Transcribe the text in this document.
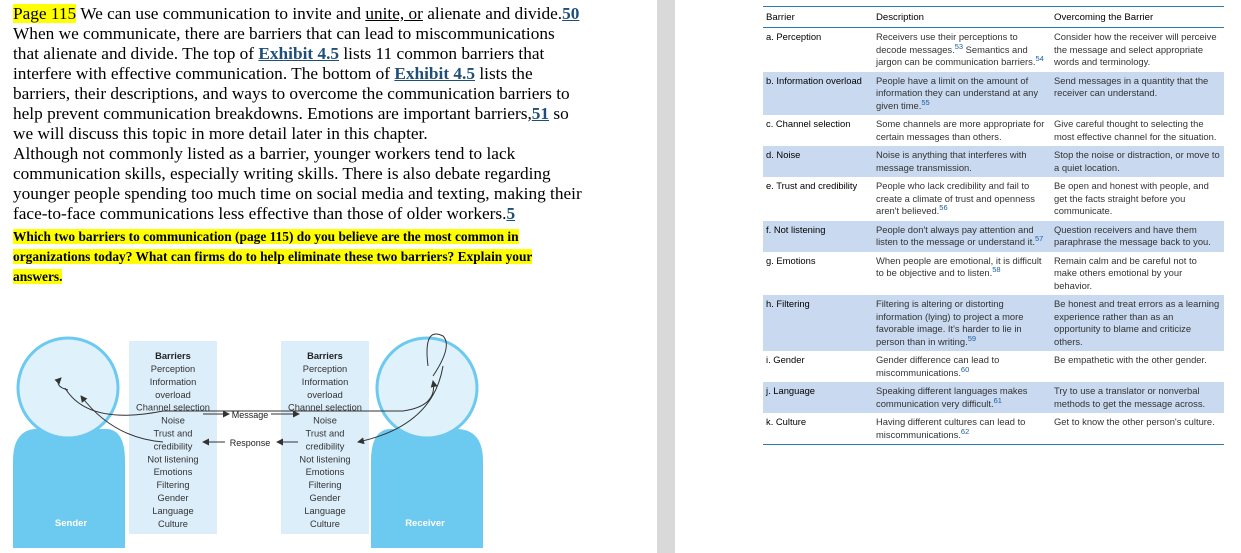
Page 115 We can use communication to invite and unite, or alienate and divide.50 When we communicate, there are barriers that can lead to miscommunications that alienate and divide. The top of Exhibit 4.5 lists 11 common barriers that interfere with effective communication. The bottom of Exhibit 4.5 lists the barriers, their descriptions, and ways to overcome the communication barriers to help prevent communication breakdowns. Emotions are important barriers,51 so we will discuss this topic in more detail later in this chapter.

Although not commonly listed as a barrier, younger workers tend to lack communication skills, especially writing skills. There is also debate regarding younger people spending too much time on social media and texting, making their face-to-face communications less effective than those of older workers.5

Which two barriers to communication (page 115) do you believe are the most common in organizations today? What can firms do to help eliminate these two barriers? Explain your answers.

Sender	Receiver
Barriers	Barriers
Perception
Information
overload
Channel selection
Noise
Trust and
credibility
Not listening
Emotions
Filtering
Gender
Language
Culture
Perception
Information
overload
Channel selection
Noise
Trust and
credibility
Not listening
Emotions
Filtering
Gender
Language
Culture
Message
Response
Barrier	Description	Overcoming the Barrier
a. Perception	Receivers use their perceptions to decode messages.$^{53}$ Semantics and jargon can be communication barriers.$^{54}$	Consider how the receiver will perceive the message and select appropriate words and terminology.
b. Information overload	People have a limit on the amount of information they can understand at any given time.$^{55}$	Send messages in a quantity that the receiver can understand.
c. Channel selection	Some channels are more appropriate for certain messages than others.	Give careful thought to selecting the most effective channel for the situation.
d. Noise	Noise is anything that interferes with message transmission.	Stop the noise or distraction, or move to a quiet location.
e. Trust and credibility	People who lack credibility and fail to create a climate of trust and openness aren't believed.$^{56}$	Be open and honest with people, and get the facts straight before you communicate.
f. Not listening	People don't always pay attention and listen to the message or understand it.$^{57}$	Question receivers and have them paraphrase the message back to you.
g. Emotions	When people are emotional, it is difficult to be objective and to listen.$^{58}$	Remain calm and be careful not to make others emotional by your behavior.
h. Filtering	Filtering is altering or distorting information (lying) to project a more favorable image. It's harder to lie in person than in writing.$^{59}$	Be honest and treat errors as a learning experience rather than as an opportunity to blame and criticize others.
i. Gender	Gender difference can lead to miscommunications.$^{60}$	Be empathetic with the other gender.
j. Language	Speaking different languages makes communication very difficult.$^{61}$	Try to use a translator or nonverbal methods to get the message across.
k. Culture	Having different cultures can lead to miscommunications.$^{62}$	Get to know the other person's culture.
